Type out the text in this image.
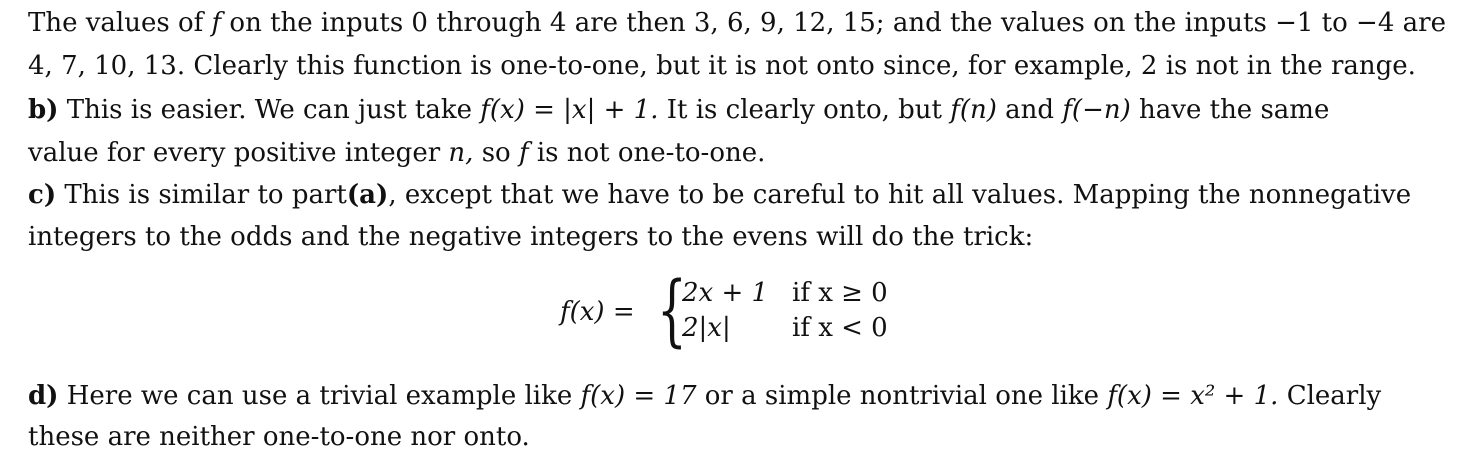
The values of f on the inputs 0 through 4 are then 3, 6, 9, 12, 15; and the values on the inputs −1 to −4 are
4, 7, 10, 13. Clearly this function is one-to-one, but it is not onto since, for example, 2 is not in the range.
b) This is easier. We can just take f(x) = |x| + 1. It is clearly onto, but f(n) and f(−n) have the same
value for every positive integer n, so f is not one-to-one.
c) This is similar to part(a), except that we have to be careful to hit all values. Mapping the nonnegative
integers to the odds and the negative integers to the evens will do the trick:
f(x) = {
2x + 1 if x ≥ 0
2|x| if x < 0
d) Here we can use a trivial example like f(x) = 17 or a simple nontrivial one like f(x) = x² + 1. Clearly
these are neither one-to-one nor onto.
